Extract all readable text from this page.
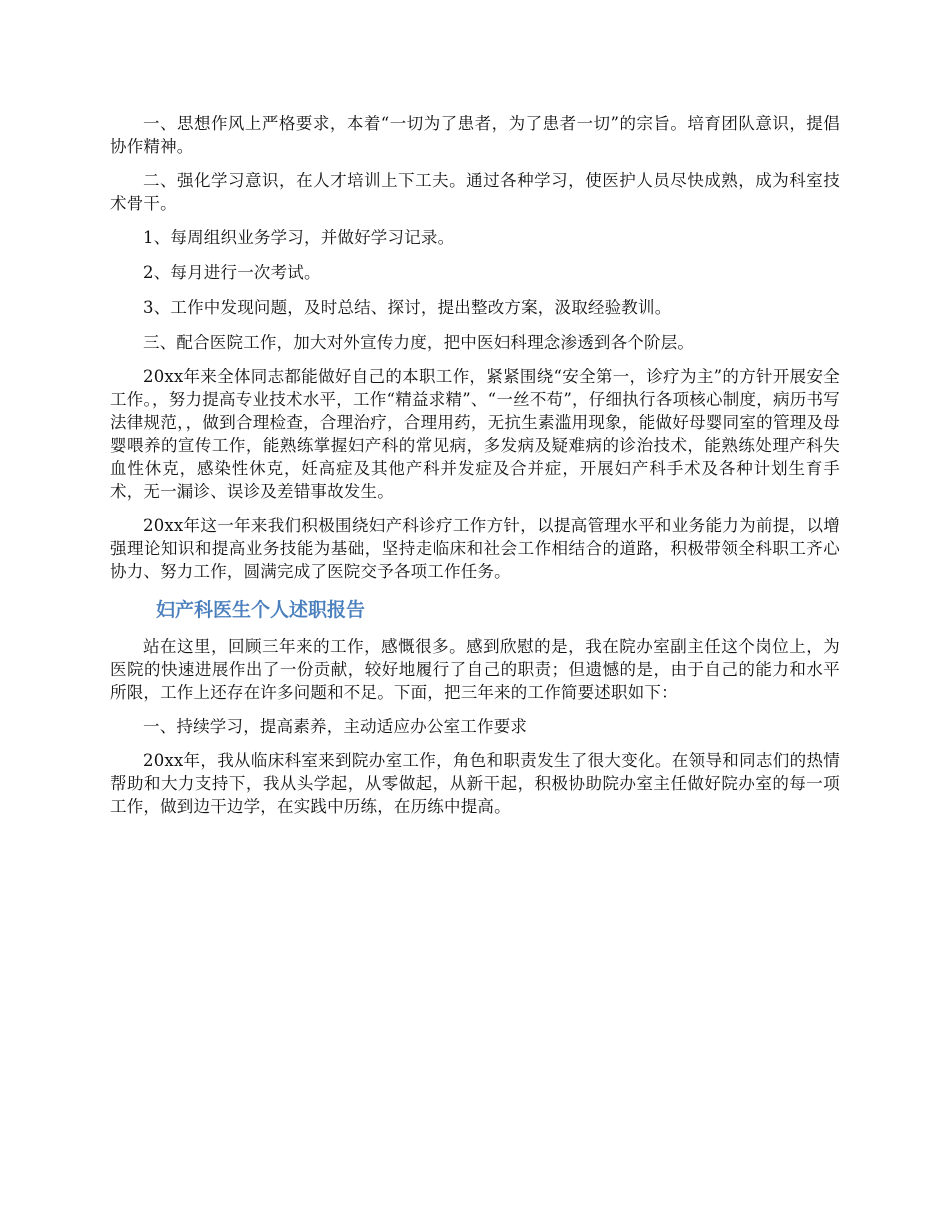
一、思想作风上严格要求，本着“一切为了患者，为了患者一切”的宗旨。培育团队意识，提倡协作精神。

二、强化学习意识，在人才培训上下工夫。通过各种学习，使医护人员尽快成熟，成为科室技术骨干。

1、每周组织业务学习，并做好学习记录。

2、每月进行一次考试。

3、工作中发现问题，及时总结、探讨，提出整改方案，汲取经验教训。

三、配合医院工作，加大对外宣传力度，把中医妇科理念渗透到各个阶层。

20xx年来全体同志都能做好自己的本职工作，紧紧围绕“安全第一，诊疗为主”的方针开展安全工作。，努力提高专业技术水平，工作“精益求精”、“一丝不苟”，仔细执行各项核心制度，病历书写法律规范，，做到合理检查，合理治疗，合理用药，无抗生素滥用现象，能做好母婴同室的管理及母婴喂养的宣传工作，能熟练掌握妇产科的常见病，多发病及疑难病的诊治技术，能熟练处理产科失血性休克，感染性休克，妊高症及其他产科并发症及合并症，开展妇产科手术及各种计划生育手术，无一漏诊、误诊及差错事故发生。

20xx年这一年来我们积极围绕妇产科诊疗工作方针，以提高管理水平和业务能力为前提，以增强理论知识和提高业务技能为基础，坚持走临床和社会工作相结合的道路，积极带领全科职工齐心协力、努力工作，圆满完成了医院交予各项工作任务。

妇产科医生个人述职报告

站在这里，回顾三年来的工作，感慨很多。感到欣慰的是，我在院办室副主任这个岗位上，为医院的快速进展作出了一份贡献，较好地履行了自己的职责；但遗憾的是，由于自己的能力和水平所限，工作上还存在许多问题和不足。下面，把三年来的工作简要述职如下：

一、持续学习，提高素养，主动适应办公室工作要求

20xx年，我从临床科室来到院办室工作，角色和职责发生了很大变化。在领导和同志们的热情帮助和大力支持下，我从头学起，从零做起，从新干起，积极协助院办室主任做好院办室的每一项工作，做到边干边学，在实践中历练，在历练中提高。
